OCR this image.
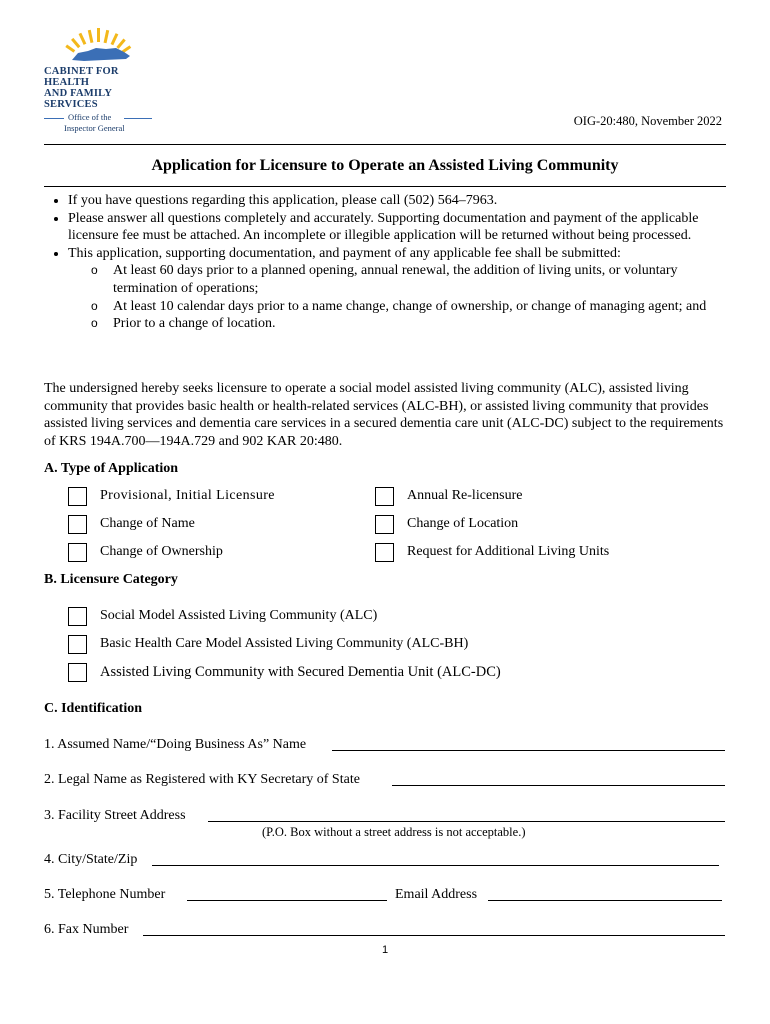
CABINET FOR HEALTH
AND FAMILY SERVICES
Office of the
Inspector General	OIG-20:480, November 2022
Application for Licensure to Operate an Assisted Living Community
• If you have questions regarding this application, please call (502) 564–7963.
• Please answer all questions completely and accurately. Supporting documentation and payment of the applicable licensure fee must be attached. An incomplete or illegible application will be returned without being processed.
• This application, supporting documentation, and payment of any applicable fee shall be submitted:
o At least 60 days prior to a planned opening, annual renewal, the addition of living units, or voluntary termination of operations;
o At least 10 calendar days prior to a name change, change of ownership, or change of managing agent; and
o Prior to a change of location.
The undersigned hereby seeks licensure to operate a social model assisted living community (ALC), assisted living community that provides basic health or health-related services (ALC-BH), or assisted living community that provides assisted living services and dementia care services in a secured dementia care unit (ALC-DC) subject to the requirements of KRS 194A.700—194A.729 and 902 KAR 20:480.
A. Type of Application
Provisional, Initial Licensure	Annual Re-licensure
Change of Name	Change of Location
Change of Ownership	Request for Additional Living Units
B. Licensure Category
Social Model Assisted Living Community (ALC)
Basic Health Care Model Assisted Living Community (ALC-BH)
Assisted Living Community with Secured Dementia Unit (ALC-DC)
C. Identification
1. Assumed Name/“Doing Business As” Name
2. Legal Name as Registered with KY Secretary of State
3. Facility Street Address
(P.O. Box without a street address is not acceptable.)
4. City/State/Zip
5. Telephone Number	Email Address
6. Fax Number
1
